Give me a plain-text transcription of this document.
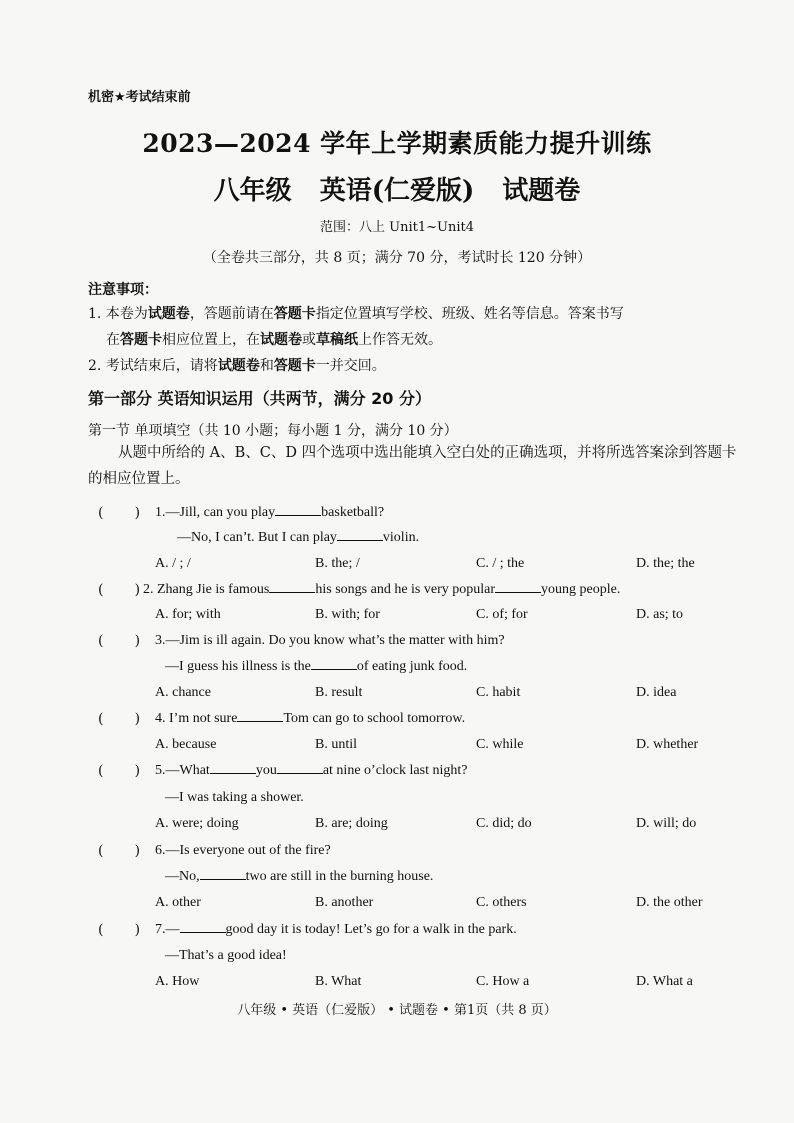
机密★考试结束前
2023—2024 学年上学期素质能力提升训练
八年级 英语(仁爱版) 试题卷
范围：八上 Unit1~Unit4
（全卷共三部分，共 8 页；满分 70 分，考试时长 120 分钟）
注意事项：
1. 本卷为试题卷，答题前请在答题卡指定位置填写学校、班级、姓名等信息。答案书写
在答题卡相应位置上，在试题卷或草稿纸上作答无效。
2. 考试结束后，请将试题卷和答题卡一并交回。
第一部分 英语知识运用（共两节，满分 20 分）
第一节 单项填空（共 10 小题；每小题 1 分，满分 10 分）
从题中所给的 A、B、C、D 四个选项中选出能填入空白处的正确选项，并将所选答案涂到答题卡的相应位置上。
( ) 1.—Jill, can you play	basketball?
—No, I can’t. But I can play	violin.
A. / ; /	B. the; /	C. / ; the	D. the; the
( ) 2. Zhang Jie is famous	his songs and he is very popular	young people.
A. for; with	B. with; for	C. of; for	D. as; to
( ) 3.—Jim is ill again. Do you know what’s the matter with him?
—I guess his illness is the	of eating junk food.
A. chance	B. result	C. habit	D. idea
( ) 4. I’m not sure	Tom can go to school tomorrow.
A. because	B. until	C. while	D. whether
( ) 5.—What	you	at nine o’clock last night?
—I was taking a shower.
A. were; doing	B. are; doing	C. did; do	D. will; do
( ) 6.—Is everyone out of the fire?
—No,	two are still in the burning house.
A. other	B. another	C. others	D. the other
( ) 7.—	good day it is today! Let’s go for a walk in the park.
—That’s a good idea!
A. How	B. What	C. How a	D. What a
八年级 • 英语（仁爱版） • 试题卷 • 第1页（共 8 页）
